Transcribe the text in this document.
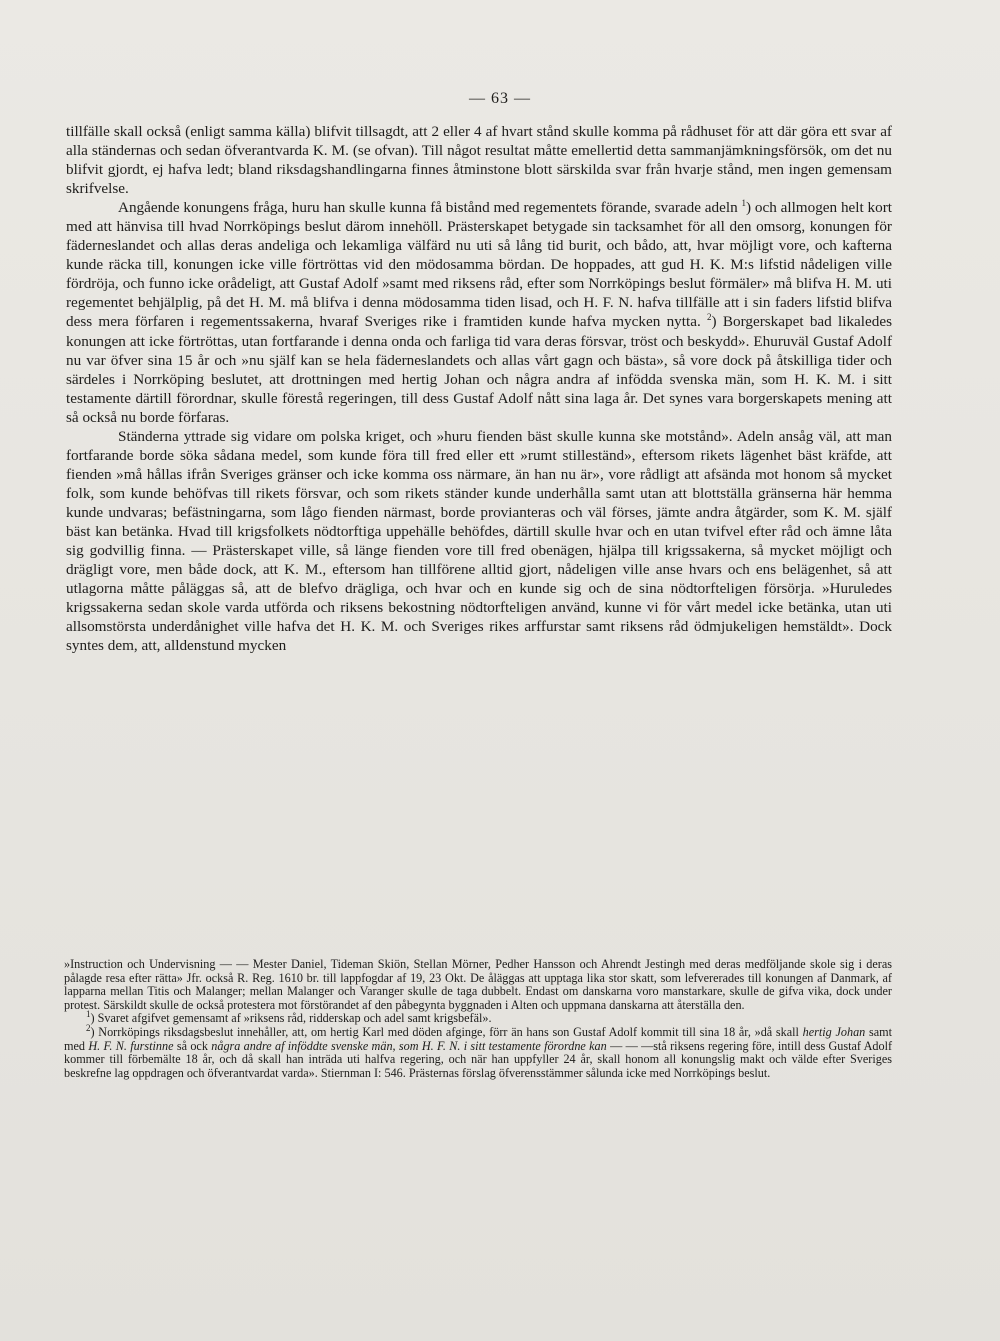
— 63 —

tillfälle skall också (enligt samma källa) blifvit tillsagdt, att 2 eller 4 af hvart stånd skulle komma på rådhuset för att där göra ett svar af alla ständernas och sedan öfverantvarda K. M. (se ofvan). Till något resultat måtte emellertid detta sammanjämkningsförsök, om det nu blifvit gjordt, ej hafva ledt; bland riksdagshandlingarna finnes åtminstone blott särskilda svar från hvarje stånd, men ingen gemensam skrifvelse.

Angående konungens fråga, huru han skulle kunna få bistånd med regementets förande, svarade adeln $^1$) och allmogen helt kort med att hänvisa till hvad Norrköpings beslut därom innehöll. Prästerskapet betygade sin tacksamhet för all den omsorg, konungen för fäderneslandet och allas deras andeliga och lekamliga välfärd nu uti så lång tid burit, och bådo, att, hvar möjligt vore, och kafterna kunde räcka till, konungen icke ville förtröttas vid den mödosamma bördan. De hoppades, att gud H. K. M:s lifstid nådeligen ville fördröja, och funno icke orådeligt, att Gustaf Adolf »samt med riksens råd, efter som Norrköpings beslut förmäler» må blifva H. M. uti regementet behjälplig, på det H. M. må blifva i denna mödosamma tiden lisad, och H. F. N. hafva tillfälle att i sin faders lifstid blifva dess mera förfaren i regementssakerna, hvaraf Sveriges rike i framtiden kunde hafva mycken nytta. $^2$) Borgerskapet bad likaledes konungen att icke förtröttas, utan fortfarande i denna onda och farliga tid vara deras försvar, tröst och beskydd». Ehuruväl Gustaf Adolf nu var öfver sina 15 år och »nu själf kan se hela fäderneslandets och allas vårt gagn och bästa», så vore dock på åtskilliga tider och särdeles i Norrköping beslutet, att drottningen med hertig Johan och några andra af infödda svenska män, som H. K. M. i sitt testamente därtill förordnar, skulle förestå regeringen, till dess Gustaf Adolf nått sina laga år. Det synes vara borgerskapets mening att så också nu borde förfaras.

Ständerna yttrade sig vidare om polska kriget, och »huru fienden bäst skulle kunna ske motstånd». Adeln ansåg väl, att man fortfarande borde söka sådana medel, som kunde föra till fred eller ett »rumt stilleständ», eftersom rikets lägenhet bäst kräfde, att fienden »må hållas ifrån Sveriges gränser och icke komma oss närmare, än han nu är», vore rådligt att afsända mot honom så mycket folk, som kunde behöfvas till rikets försvar, och som rikets ständer kunde underhålla samt utan att blottställa gränserna här hemma kunde undvaras; befästningarna, som lågo fienden närmast, borde provianteras och väl förses, jämte andra åtgärder, som K. M. själf bäst kan betänka. Hvad till krigsfolkets nödtorftiga uppehälle behöfdes, därtill skulle hvar och en utan tvifvel efter råd och ämne låta sig godvillig finna. — Prästerskapet ville, så länge fienden vore till fred obenägen, hjälpa till krigssakerna, så mycket möjligt och drägligt vore, men både dock, att K. M., eftersom han tillförene alltid gjort, nådeligen ville anse hvars och ens belägenhet, så att utlagorna måtte påläggas så, att de blefvo drägliga, och hvar och en kunde sig och de sina nödtorfteligen försörja. »Huruledes krigssakerna sedan skole varda utförda och riksens bekostning nödtorfteligen använd, kunne vi för vårt medel icke betänka, utan uti allsomstörsta underdånighet ville hafva det H. K. M. och Sveriges rikes arffurstar samt riksens råd ödmjukeligen hemstäldt». Dock syntes dem, att, alldenstund mycken

»Instruction och Undervisning — — Mester Daniel, Tideman Skiön, Stellan Mörner, Pedher Hansson och Ahrendt Jestingh med deras medföljande skole sig i deras pålagde resa efter rätta» Jfr. också R. Reg. 1610 br. till lappfogdar af 19, 23 Okt. De åläggas att upptaga lika stor skatt, som lefvererades till konungen af Danmark, af lapparna mellan Titis och Malanger; mellan Malanger och Varanger skulle de taga dubbelt. Endast om danskarna voro manstarkare, skulle de gifva vika, dock under protest. Särskildt skulle de också protestera mot förstörandet af den påbegynta byggnaden i Alten och uppmana danskarna att återställa den.

$^1$) Svaret afgifvet gemensamt af »riksens råd, ridderskap och adel samt krigsbefäl».

$^2$) Norrköpings riksdagsbeslut innehåller, att, om hertig Karl med döden afginge, förr än hans son Gustaf Adolf kommit till sina 18 år, »då skall hertig Johan samt med H. F. N. furstinne så ock några andre af inföddte svenske män, som H. F. N. i sitt testamente förordne kan — — —stå riksens regering före, intill dess Gustaf Adolf kommer till förbemälte 18 år, och då skall han inträda uti halfva regering, och när han uppfyller 24 år, skall honom all konungslig makt och välde efter Sveriges beskrefne lag oppdragen och öfverantvardat varda». Stiernman I: 546. Prästernas förslag öfverensstämmer sålunda icke med Norrköpings beslut.
